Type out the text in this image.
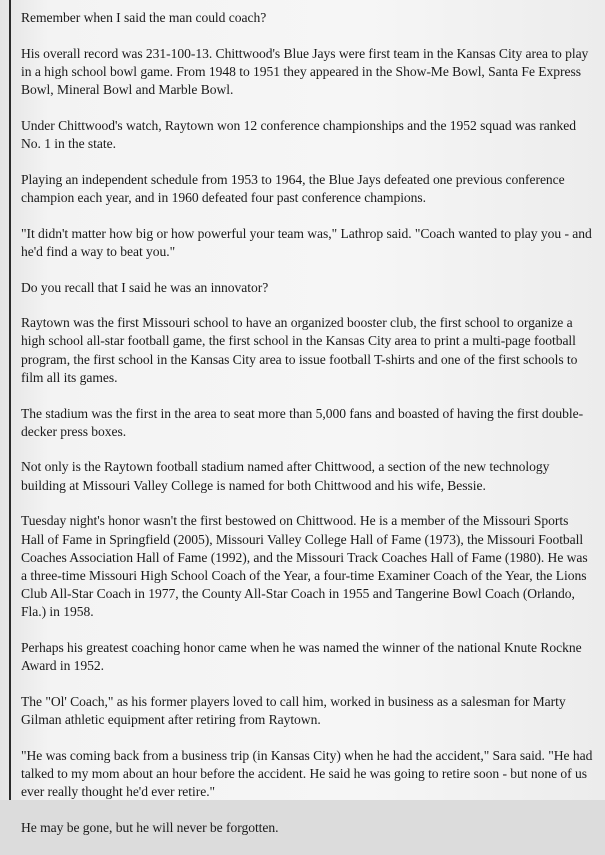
Remember when I said the man could coach?

His overall record was 231-100-13. Chittwood's Blue Jays were first team in the Kansas City area to play in a high school bowl game. From 1948 to 1951 they appeared in the Show-Me Bowl, Santa Fe Express Bowl, Mineral Bowl and Marble Bowl.

Under Chittwood's watch, Raytown won 12 conference championships and the 1952 squad was ranked No. 1 in the state.

Playing an independent schedule from 1953 to 1964, the Blue Jays defeated one previous conference champion each year, and in 1960 defeated four past conference champions.

"It didn't matter how big or how powerful your team was," Lathrop said. "Coach wanted to play you - and he'd find a way to beat you."

Do you recall that I said he was an innovator?

Raytown was the first Missouri school to have an organized booster club, the first school to organize a high school all-star football game, the first school in the Kansas City area to print a multi-page football program, the first school in the Kansas City area to issue football T-shirts and one of the first schools to film all its games.

The stadium was the first in the area to seat more than 5,000 fans and boasted of having the first double-decker press boxes.

Not only is the Raytown football stadium named after Chittwood, a section of the new technology building at Missouri Valley College is named for both Chittwood and his wife, Bessie.

Tuesday night's honor wasn't the first bestowed on Chittwood. He is a member of the Missouri Sports Hall of Fame in Springfield (2005), Missouri Valley College Hall of Fame (1973), the Missouri Football Coaches Association Hall of Fame (1992), and the Missouri Track Coaches Hall of Fame (1980). He was a three-time Missouri High School Coach of the Year, a four-time Examiner Coach of the Year, the Lions Club All-Star Coach in 1977, the County All-Star Coach in 1955 and Tangerine Bowl Coach (Orlando, Fla.) in 1958.

Perhaps his greatest coaching honor came when he was named the winner of the national Knute Rockne Award in 1952.

The "Ol' Coach," as his former players loved to call him, worked in business as a salesman for Marty Gilman athletic equipment after retiring from Raytown.

"He was coming back from a business trip (in Kansas City) when he had the accident," Sara said. "He had talked to my mom about an hour before the accident. He said he was going to retire soon - but none of us ever really thought he'd ever retire."

He may be gone, but he will never be forgotten.
